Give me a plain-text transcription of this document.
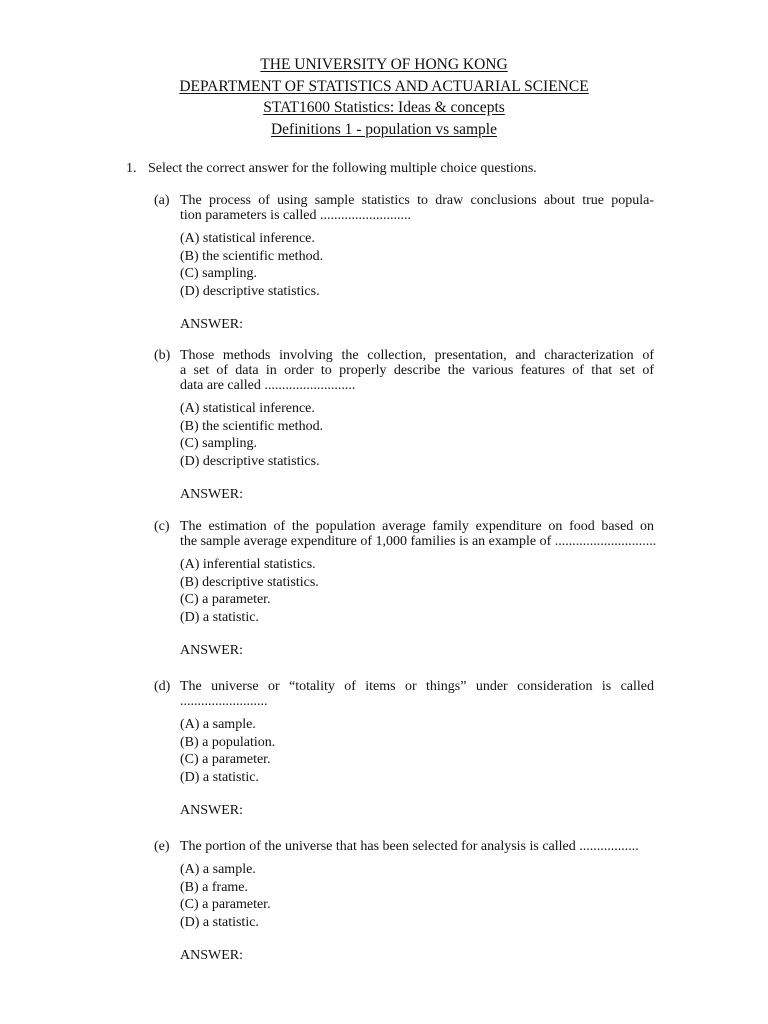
THE UNIVERSITY OF HONG KONG
DEPARTMENT OF STATISTICS AND ACTUARIAL SCIENCE
STAT1600 Statistics: Ideas & concepts
Definitions 1 - population vs sample
1. Select the correct answer for the following multiple choice questions.
(a) The process of using sample statistics to draw conclusions about true popula-
tion parameters is called ..........................
(A) statistical inference.
(B) the scientific method.
(C) sampling.
(D) descriptive statistics.
ANSWER:
(b) Those methods involving the collection, presentation, and characterization of
a set of data in order to properly describe the various features of that set of
data are called ..........................
(A) statistical inference.
(B) the scientific method.
(C) sampling.
(D) descriptive statistics.
ANSWER:
(c) The estimation of the population average family expenditure on food based on
the sample average expenditure of 1,000 families is an example of .............................
(A) inferential statistics.
(B) descriptive statistics.
(C) a parameter.
(D) a statistic.
ANSWER:
(d) The universe or “totality of items or things” under consideration is called
.........................
(A) a sample.
(B) a population.
(C) a parameter.
(D) a statistic.
ANSWER:
(e) The portion of the universe that has been selected for analysis is called .................
(A) a sample.
(B) a frame.
(C) a parameter.
(D) a statistic.
ANSWER:
